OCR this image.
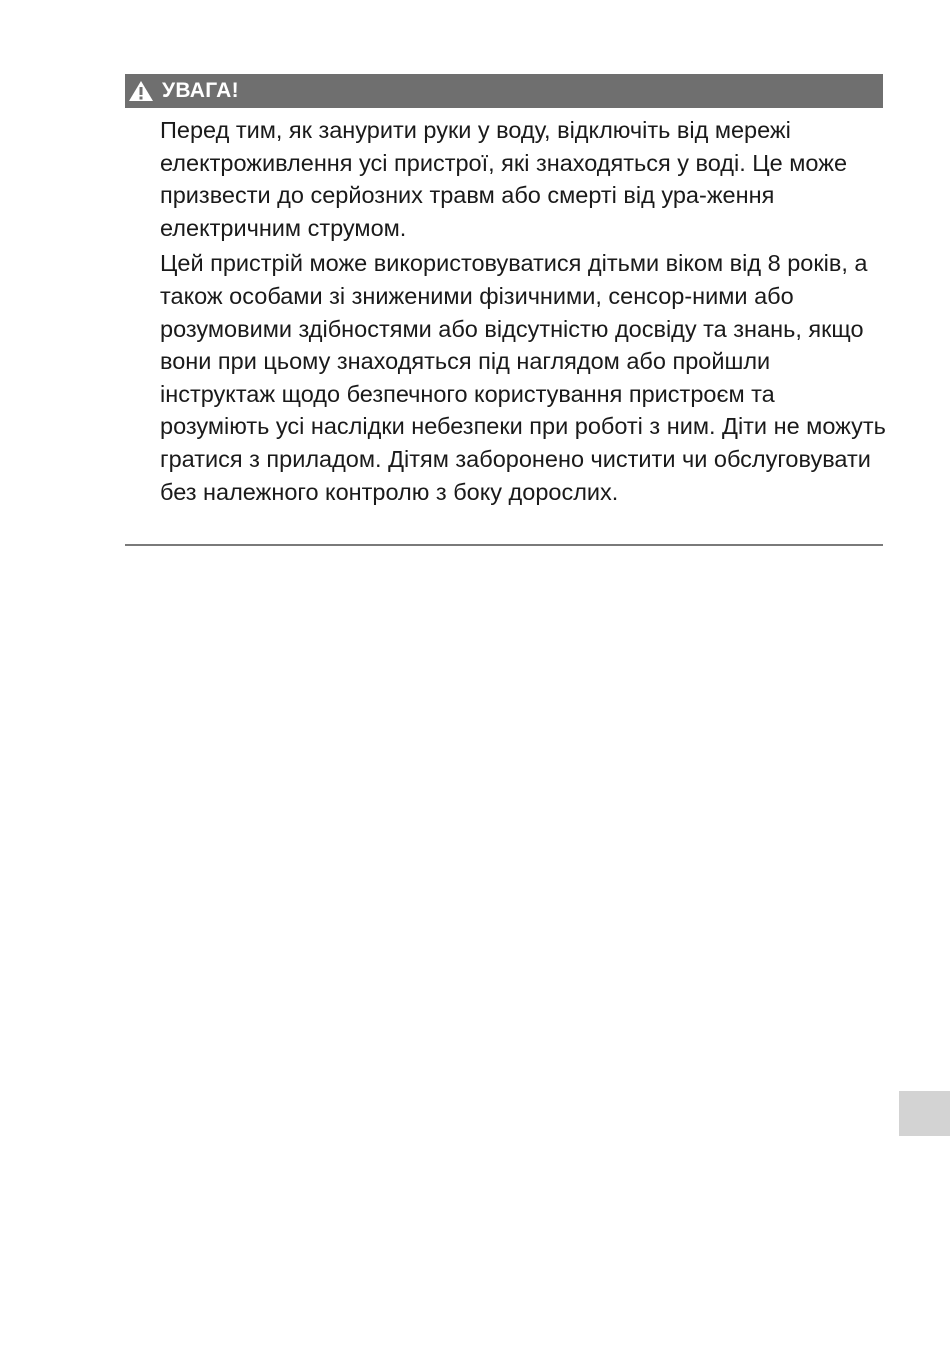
УВАГА!

Перед тим, як занурити руки у воду, відключіть від мережі електроживлення усі пристрої, які знаходяться у воді. Це може призвести до серйозних травм або смерті від ура-ження електричним струмом.

Цей пристрій може використовуватися дітьми віком від 8 років, а також особами зі зниженими фізичними, сенсор-ними або розумовими здібностями або відсутністю досвіду та знань, якщо вони при цьому знаходяться під наглядом або пройшли інструктаж щодо безпечного користування пристроєм та розуміють усі наслідки небезпеки при роботі з ним. Діти не можуть гратися з приладом. Дітям заборонено чистити чи обслуговувати без належного контролю з боку дорослих.
